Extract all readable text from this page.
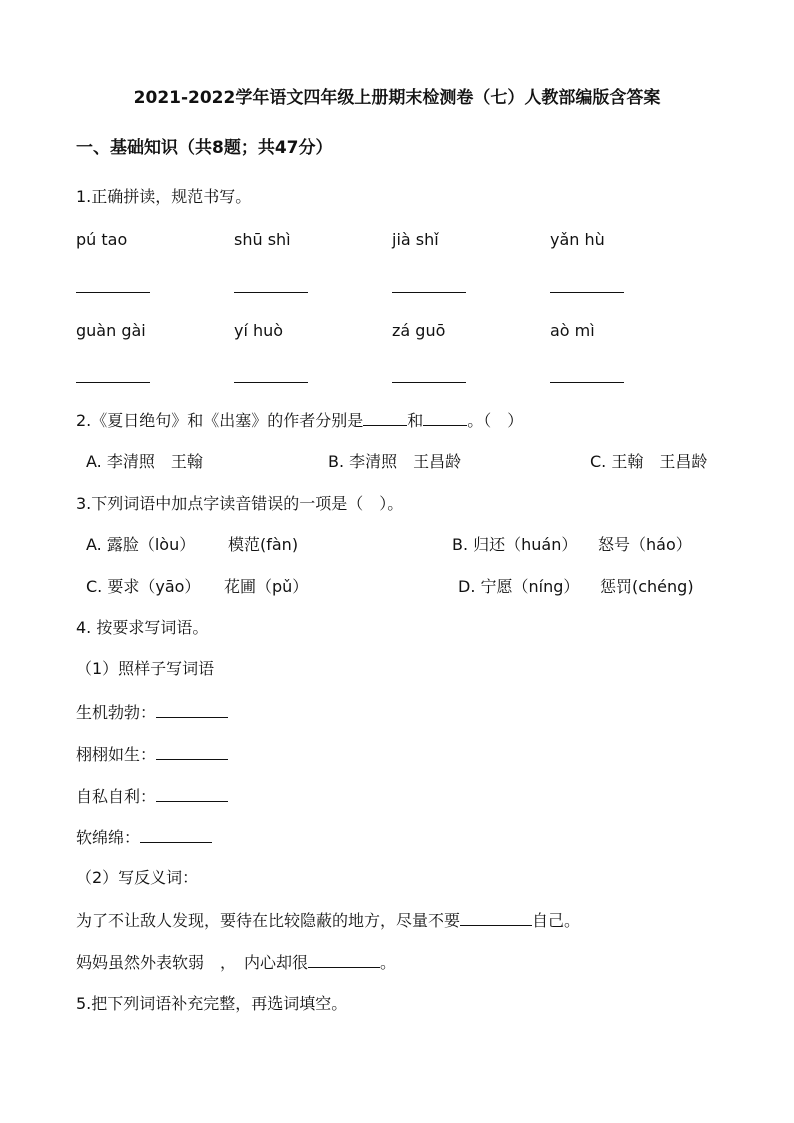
2021-2022学年语文四年级上册期末检测卷（七）人教部编版含答案
一、基础知识（共8题；共47分）
1.正确拼读，规范书写。
pú tao	shū shì	jià shǐ	yǎn hù
guàn gài	yí huò	zá guō	aò mì
2.《夏日绝句》和《出塞》的作者分别是	和	。（　）
A. 李清照　王翰	B. 李清照　王昌龄	C. 王翰　王昌龄
3.下列词语中加点字读音错误的一项是（　）。
A. 露脸（lòu） 模范(fàn)	B. 归还（huán） 怒号（háo）
C. 要求（yāo） 花圃（pǔ）	D. 宁愿（níng） 惩罚(chéng)
4. 按要求写词语。
（1）照样子写词语
生机勃勃：
栩栩如生：
自私自利：
软绵绵：
（2）写反义词：
为了不让敌人发现，要待在比较隐蔽的地方，尽量不要	自己。
妈妈虽然外表软弱　，　内心却很	。
5.把下列词语补充完整，再选词填空。
